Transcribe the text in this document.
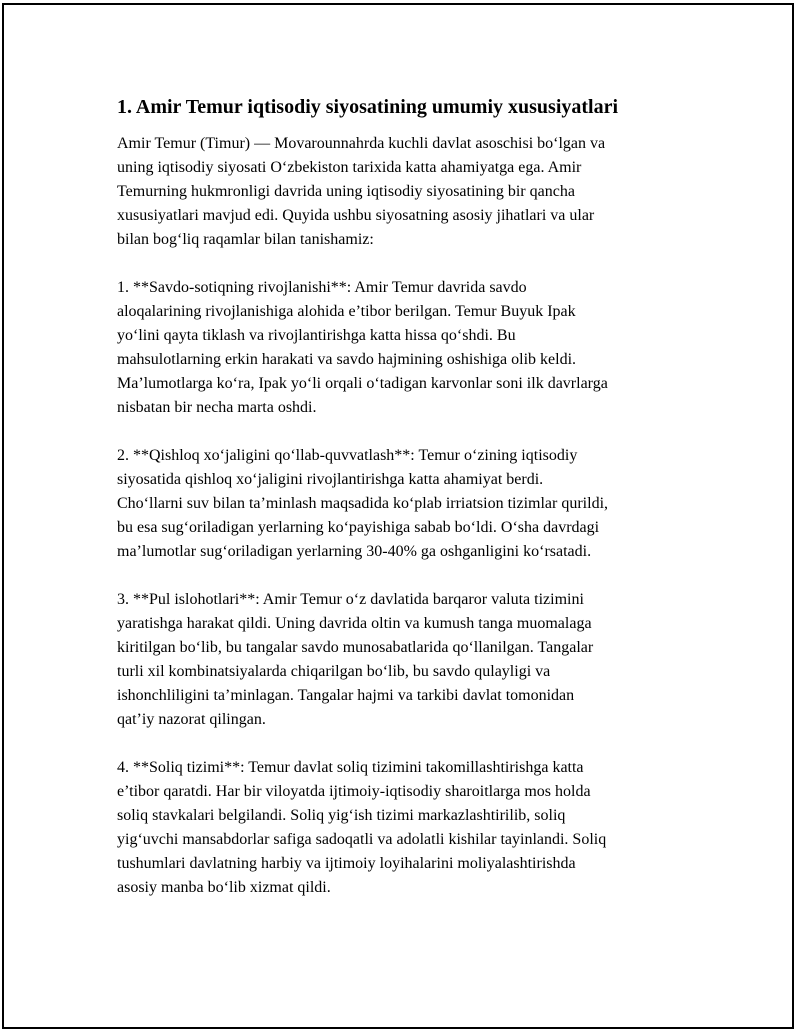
1. Amir Temur iqtisodiy siyosatining umumiy xususiyatlari
Amir Temur (Timur) — Movarounnahrda kuchli davlat asoschisi boʻlgan va
uning iqtisodiy siyosati Oʻzbekiston tarixida katta ahamiyatga ega. Amir
Temurning hukmronligi davrida uning iqtisodiy siyosatining bir qancha
xususiyatlari mavjud edi. Quyida ushbu siyosatning asosiy jihatlari va ular
bilan bogʻliq raqamlar bilan tanishamiz:
1. **Savdo-sotiqning rivojlanishi**: Amir Temur davrida savdo
aloqalarining rivojlanishiga alohida e’tibor berilgan. Temur Buyuk Ipak
yoʻlini qayta tiklash va rivojlantirishga katta hissa qoʻshdi. Bu
mahsulotlarning erkin harakati va savdo hajmining oshishiga olib keldi.
Ma’lumotlarga koʻra, Ipak yoʻli orqali oʻtadigan karvonlar soni ilk davrlarga
nisbatan bir necha marta oshdi.
2. **Qishloq xoʻjaligini qoʻllab-quvvatlash**: Temur oʻzining iqtisodiy
siyosatida qishloq xoʻjaligini rivojlantirishga katta ahamiyat berdi.
Choʻllarni suv bilan ta’minlash maqsadida koʻplab irriatsion tizimlar qurildi,
bu esa sugʻoriladigan yerlarning koʻpayishiga sabab boʻldi. Oʻsha davrdagi
ma’lumotlar sugʻoriladigan yerlarning 30-40% ga oshganligini koʻrsatadi.
3. **Pul islohotlari**: Amir Temur oʻz davlatida barqaror valuta tizimini
yaratishga harakat qildi. Uning davrida oltin va kumush tanga muomalaga
kiritilgan boʻlib, bu tangalar savdo munosabatlarida qoʻllanilgan. Tangalar
turli xil kombinatsiyalarda chiqarilgan boʻlib, bu savdo qulayligi va
ishonchliligini ta’minlagan. Tangalar hajmi va tarkibi davlat tomonidan
qat’iy nazorat qilingan.
4. **Soliq tizimi**: Temur davlat soliq tizimini takomillashtirishga katta
e’tibor qaratdi. Har bir viloyatda ijtimoiy-iqtisodiy sharoitlarga mos holda
soliq stavkalari belgilandi. Soliq yigʻish tizimi markazlashtirilib, soliq
yigʻuvchi mansabdorlar safiga sadoqatli va adolatli kishilar tayinlandi. Soliq
tushumlari davlatning harbiy va ijtimoiy loyihalarini moliyalashtirishda
asosiy manba boʻlib xizmat qildi.
